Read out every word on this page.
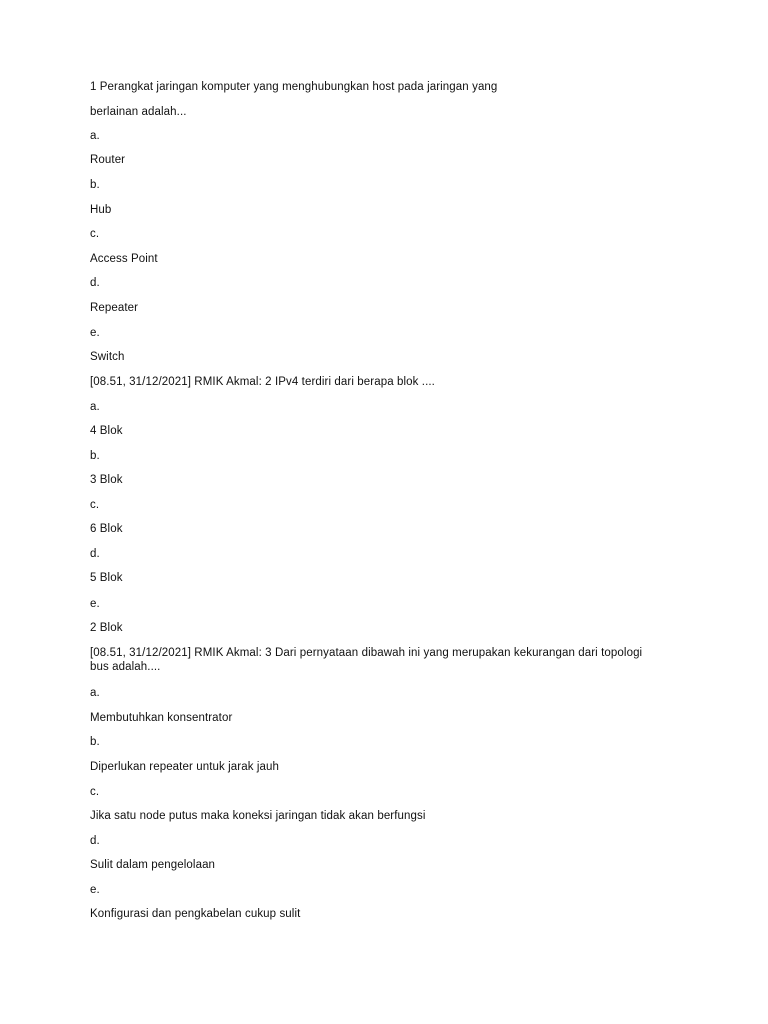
1 Perangkat jaringan komputer yang menghubungkan host pada jaringan yang
berlainan adalah...
a.
Router
b.
Hub
c.
Access Point
d.
Repeater
e.
Switch
[08.51, 31/12/2021] RMIK Akmal: 2 IPv4 terdiri dari berapa blok ....
a.
4 Blok
b.
3 Blok
c.
6 Blok
d.
5 Blok
e.
2 Blok
[08.51, 31/12/2021] RMIK Akmal: 3 Dari pernyataan dibawah ini yang merupakan kekurangan dari topologi bus adalah....
a.
Membutuhkan konsentrator
b.
Diperlukan repeater untuk jarak jauh
c.
Jika satu node putus maka koneksi jaringan tidak akan berfungsi
d.
Sulit dalam pengelolaan
e.
Konfigurasi dan pengkabelan cukup sulit
